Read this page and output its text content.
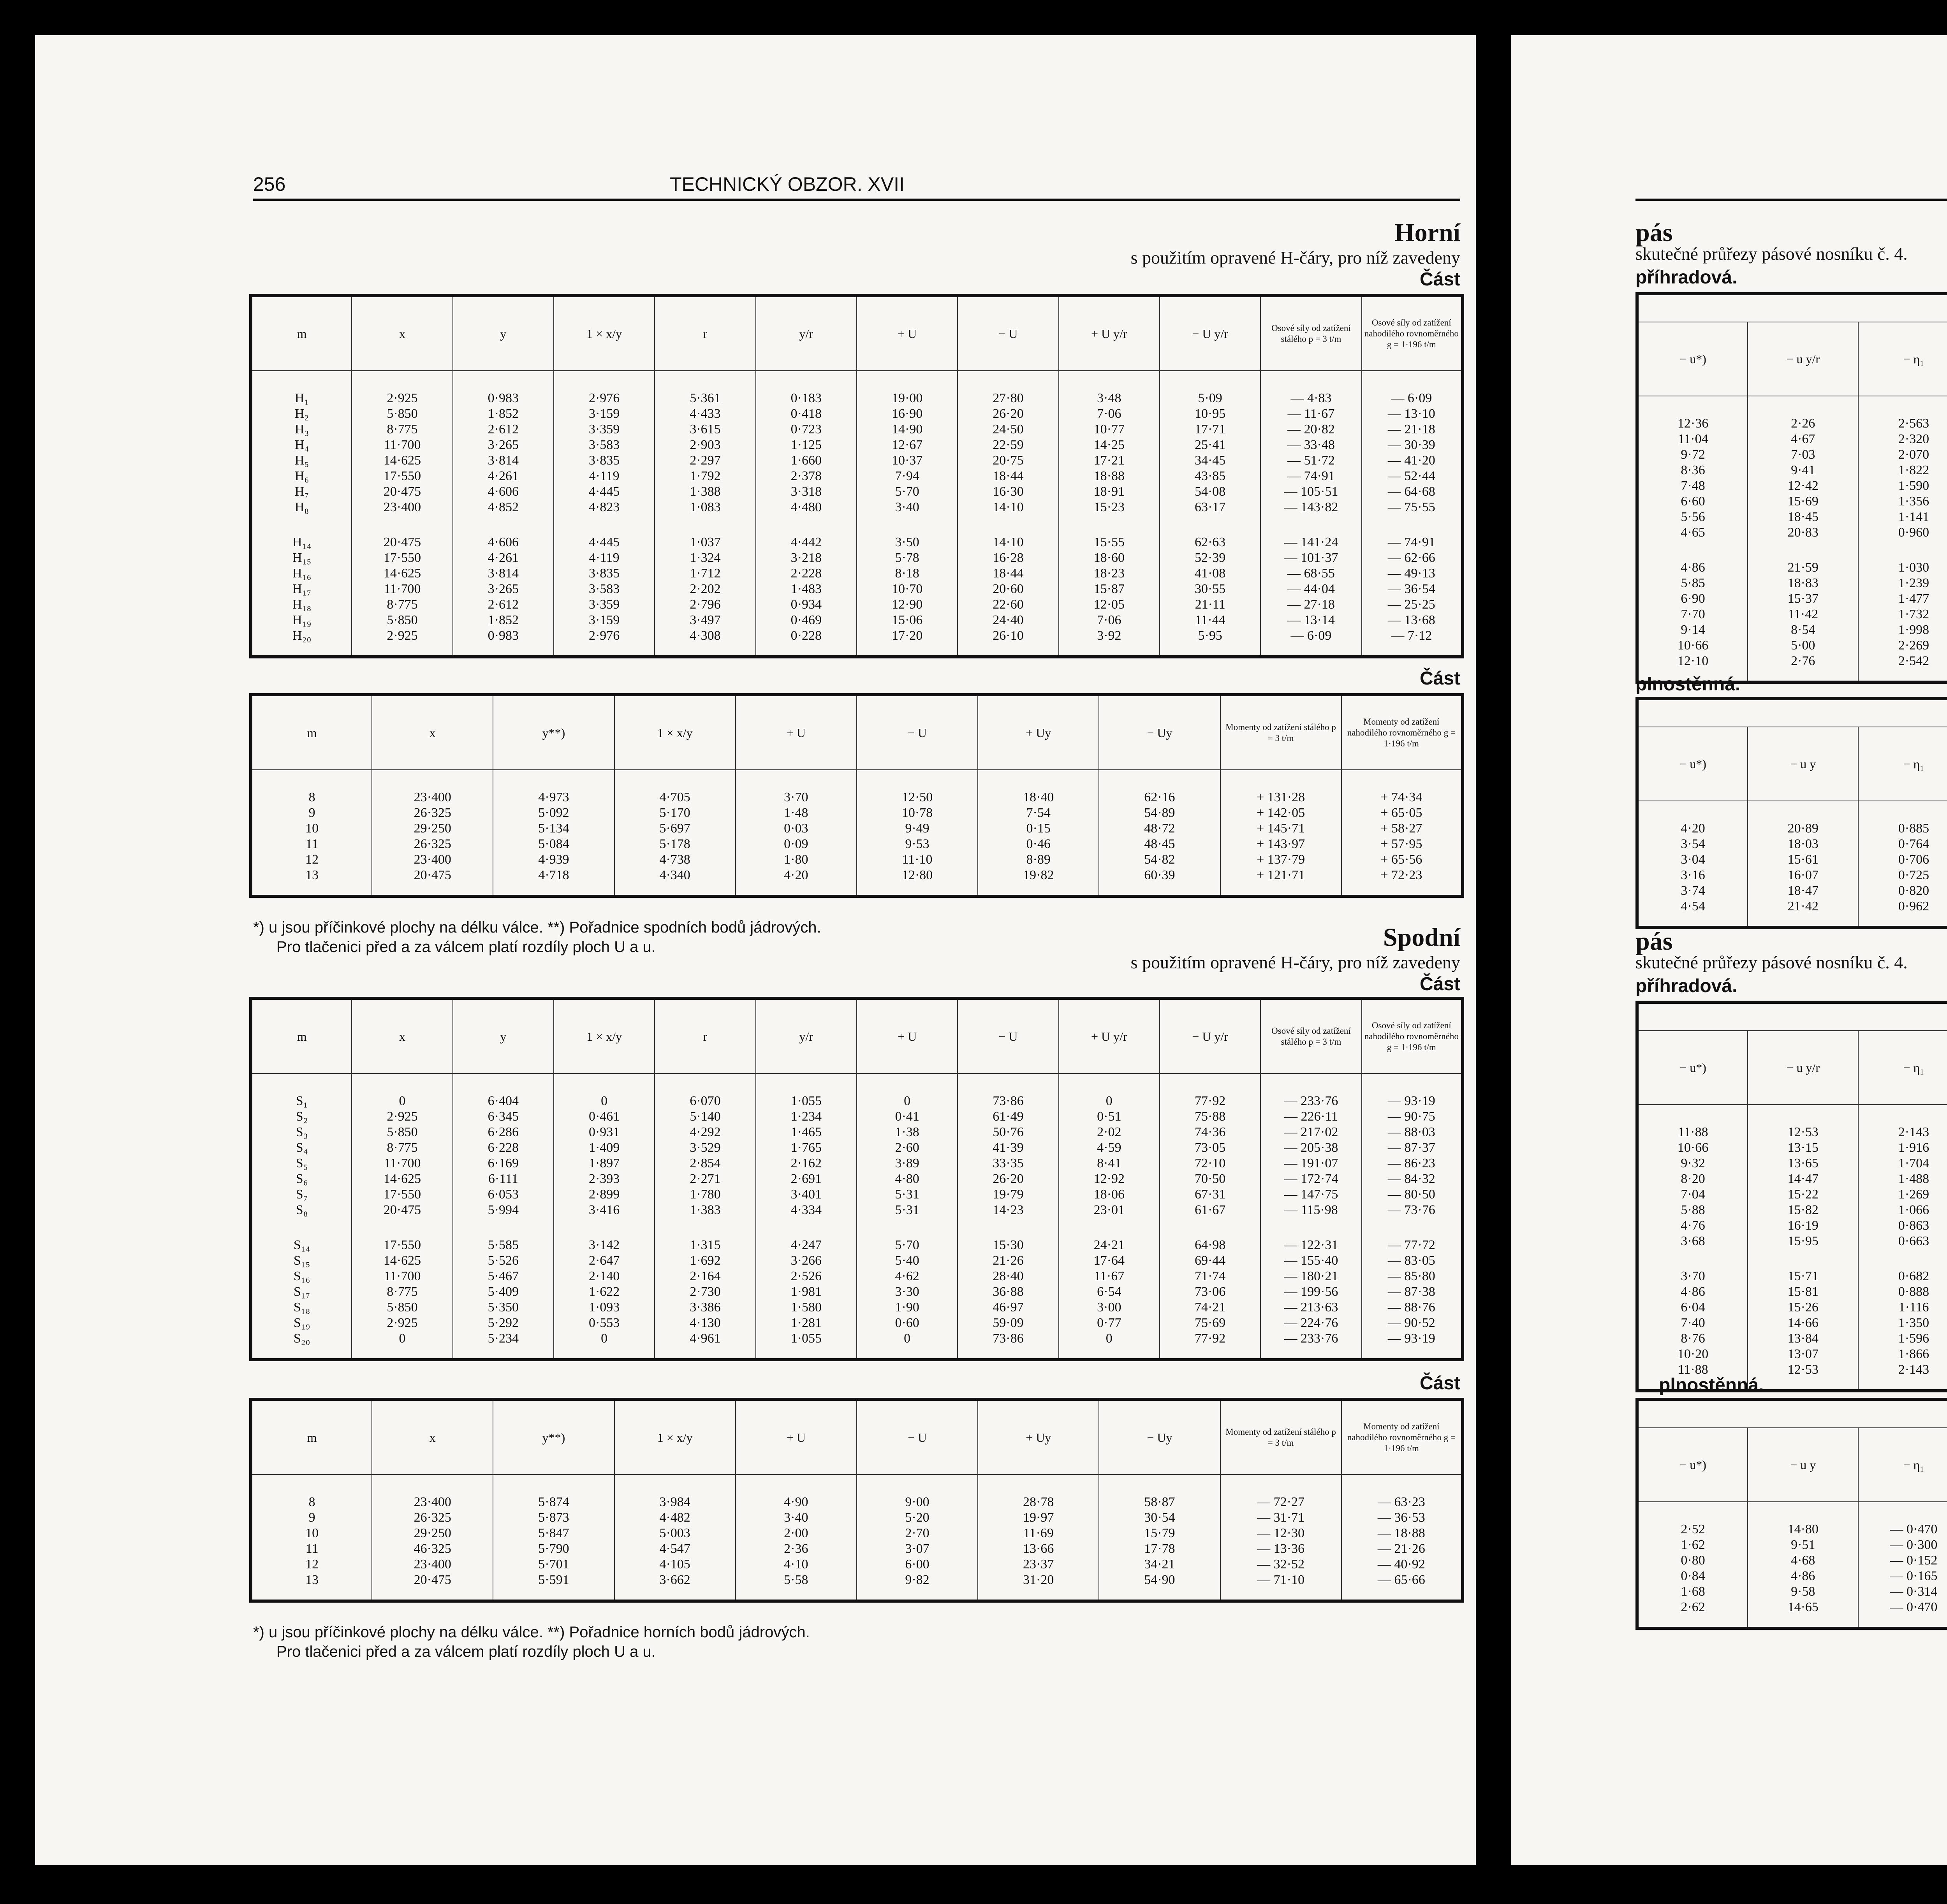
256	TECHNICKÝ OBZOR. XVII
Horní
s použitím opravené H-čáry, pro níž zavedeny
Část
m	x	y	1 × x/y	r	y/r	+ U	− U	+ U y/r	− U y/r	Osové síly od zatížení stálého p = 3 t/m	Osové síly od zatížení nahodilého rovnoměrného g = 1·196 t/m
H₁	2·925	0·983	2·976	5·361	0·183	19·00	27·80	3·48	5·09	— 4·83	— 6·09
H₂	5·850	1·852	3·159	4·433	0·418	16·90	26·20	7·06	10·95	— 11·67	— 13·10
H₃	8·775	2·612	3·359	3·615	0·723	14·90	24·50	10·77	17·71	— 20·82	— 21·18
H₄	11·700	3·265	3·583	2·903	1·125	12·67	22·59	14·25	25·41	— 33·48	— 30·39
H₅	14·625	3·814	3·835	2·297	1·660	10·37	20·75	17·21	34·45	— 51·72	— 41·20
H₆	17·550	4·261	4·119	1·792	2·378	7·94	18·44	18·88	43·85	— 74·91	— 52·44
H₇	20·475	4·606	4·445	1·388	3·318	5·70	16·30	18·91	54·08	— 105·51	— 64·68
H₈	23·400	4·852	4·823	1·083	4·480	3·40	14·10	15·23	63·17	— 143·82	— 75·55
H₁₄	20·475	4·606	4·445	1·037	4·442	3·50	14·10	15·55	62·63	— 141·24	— 74·91
H₁₅	17·550	4·261	4·119	1·324	3·218	5·78	16·28	18·60	52·39	— 101·37	— 62·66
H₁₆	14·625	3·814	3·835	1·712	2·228	8·18	18·44	18·23	41·08	— 68·55	— 49·13
H₁₇	11·700	3·265	3·583	2·202	1·483	10·70	20·60	15·87	30·55	— 44·04	— 36·54
H₁₈	8·775	2·612	3·359	2·796	0·934	12·90	22·60	12·05	21·11	— 27·18	— 25·25
H₁₉	5·850	1·852	3·159	3·497	0·469	15·06	24·40	7·06	11·44	— 13·14	— 13·68
H₂₀	2·925	0·983	2·976	4·308	0·228	17·20	26·10	3·92	5·95	— 6·09	— 7·12
Část
m	x	y**)	1 × x/y	+ U	− U	+ Uy	− Uy	Momenty od zatížení stálého p = 3 t/m	Momenty od zatížení nahodilého rovnoměrného g = 1·196 t/m
8	23·400	4·973	4·705	3·70	12·50	18·40	62·16	+ 131·28	+ 74·34
9	26·325	5·092	5·170	1·48	10·78	7·54	54·89	+ 142·05	+ 65·05
10	29·250	5·134	5·697	0·03	9·49	0·15	48·72	+ 145·71	+ 58·27
11	26·325	5·084	5·178	0·09	9·53	0·46	48·45	+ 143·97	+ 57·95
12	23·400	4·939	4·738	1·80	11·10	8·89	54·82	+ 137·79	+ 65·56
13	20·475	4·718	4·340	4·20	12·80	19·82	60·39	+ 121·71	+ 72·23
*) u jsou příčinkové plochy na délku válce. **) Pořadnice spodních bodů jádrových.
Pro tlačenici před a za válcem platí rozdíly ploch U a u.	Spodní
s použitím opravené H-čáry, pro níž zavedeny
Část
m	x	y	1 × x/y	r	y/r	+ U	− U	+ U y/r	− U y/r	Osové síly od zatížení stálého p = 3 t/m	Osové síly od zatížení nahodilého rovnoměrného g = 1·196 t/m
S₁	0	6·404	0	6·070	1·055	0	73·86	0	77·92	— 233·76	— 93·19
S₂	2·925	6·345	0·461	5·140	1·234	0·41	61·49	0·51	75·88	— 226·11	— 90·75
S₃	5·850	6·286	0·931	4·292	1·465	1·38	50·76	2·02	74·36	— 217·02	— 88·03
S₄	8·775	6·228	1·409	3·529	1·765	2·60	41·39	4·59	73·05	— 205·38	— 87·37
S₅	11·700	6·169	1·897	2·854	2·162	3·89	33·35	8·41	72·10	— 191·07	— 86·23
S₆	14·625	6·111	2·393	2·271	2·691	4·80	26·20	12·92	70·50	— 172·74	— 84·32
S₇	17·550	6·053	2·899	1·780	3·401	5·31	19·79	18·06	67·31	— 147·75	— 80·50
S₈	20·475	5·994	3·416	1·383	4·334	5·31	14·23	23·01	61·67	— 115·98	— 73·76
S₁₄	17·550	5·585	3·142	1·315	4·247	5·70	15·30	24·21	64·98	— 122·31	— 77·72
S₁₅	14·625	5·526	2·647	1·692	3·266	5·40	21·26	17·64	69·44	— 155·40	— 83·05
S₁₆	11·700	5·467	2·140	2·164	2·526	4·62	28·40	11·67	71·74	— 180·21	— 85·80
S₁₇	8·775	5·409	1·622	2·730	1·981	3·30	36·88	6·54	73·06	— 199·56	— 87·38
S₁₈	5·850	5·350	1·093	3·386	1·580	1·90	46·97	3·00	74·21	— 213·63	— 88·76
S₁₉	2·925	5·292	0·553	4·130	1·281	0·60	59·09	0·77	75·69	— 224·76	— 90·52
S₂₀	0	5·234	0	4·961	1·055	0	73·86	0	77·92	— 233·76	— 93·19
Část
m	x	y**)	1 × x/y	+ U	− U	+ Uy	− Uy	Momenty od zatížení stálého p = 3 t/m	Momenty od zatížení nahodilého rovnoměrného g = 1·196 t/m
8	23·400	5·874	3·984	4·90	9·00	28·78	58·87	— 72·27	— 63·23
9	26·325	5·873	4·482	3·40	5·20	19·97	30·54	— 31·71	— 36·53
10	29·250	5·847	5·003	2·00	2·70	11·69	15·79	— 12·30	— 18·88
11	46·325	5·790	4·547	2·36	3·07	13·66	17·78	— 13·36	— 21·26
12	23·400	5·701	4·105	4·10	6·00	23·37	34·21	— 32·52	— 40·92
13	20·475	5·591	3·662	5·58	9·82	31·20	54·90	— 71·10	— 65·66
*) u jsou příčinkové plochy na délku válce. **) Pořadnice horních bodů jádrových.
Pro tlačenici před a za válcem platí rozdíly ploch U a u.
pás
skutečné průřezy pásové nosníku č. 4.
příhradová.

− u*)	− u y/r	− η₁							
12·36	2·26	2·563							
11·04	4·67	2·320							
9·72	7·03	2·070							
8·36	9·41	1·822							
7·48	12·42	1·590							
6·60	15·69	1·356							
5·56	18·45	1·141							
4·65	20·83	0·960							
4·86	21·59	1·030							
5·85	18·83	1·239							
6·90	15·37	1·477							
7·70	11·42	1·732							
9·14	8·54	1·998							
10·66	5·00	2·269							
12·10	2·76	2·542							
plnostěnná.

− u*)	− u y	− η₁							
4·20	20·89	0·885							
3·54	18·03	0·764							
3·04	15·61	0·706							
3·16	16·07	0·725							
3·74	18·47	0·820							
4·54	21·42	0·962							
pás
skutečné průřezy pásové nosníku č. 4.
příhradová.

− u*)	− u y/r	− η₁							
11·88	12·53	2·143							
10·66	13·15	1·916							
9·32	13·65	1·704							
8·20	14·47	1·488							
7·04	15·22	1·269							
5·88	15·82	1·066							
4·76	16·19	0·863							
3·68	15·95	0·663							
3·70	15·71	0·682							
4·86	15·81	0·888							
6·04	15·26	1·116							
7·40	14·66	1·350							
8·76	13·84	1·596							
10·20	13·07	1·866							
11·88	12·53	2·143							
plnostěnná.

− u*)	− u y	− η₁							
2·52	14·80	— 0·470							
1·62	9·51	— 0·300							
0·80	4·68	— 0·152							
0·84	4·86	— 0·165							
1·68	9·58	— 0·314							
2·62	14·65	— 0·470							
